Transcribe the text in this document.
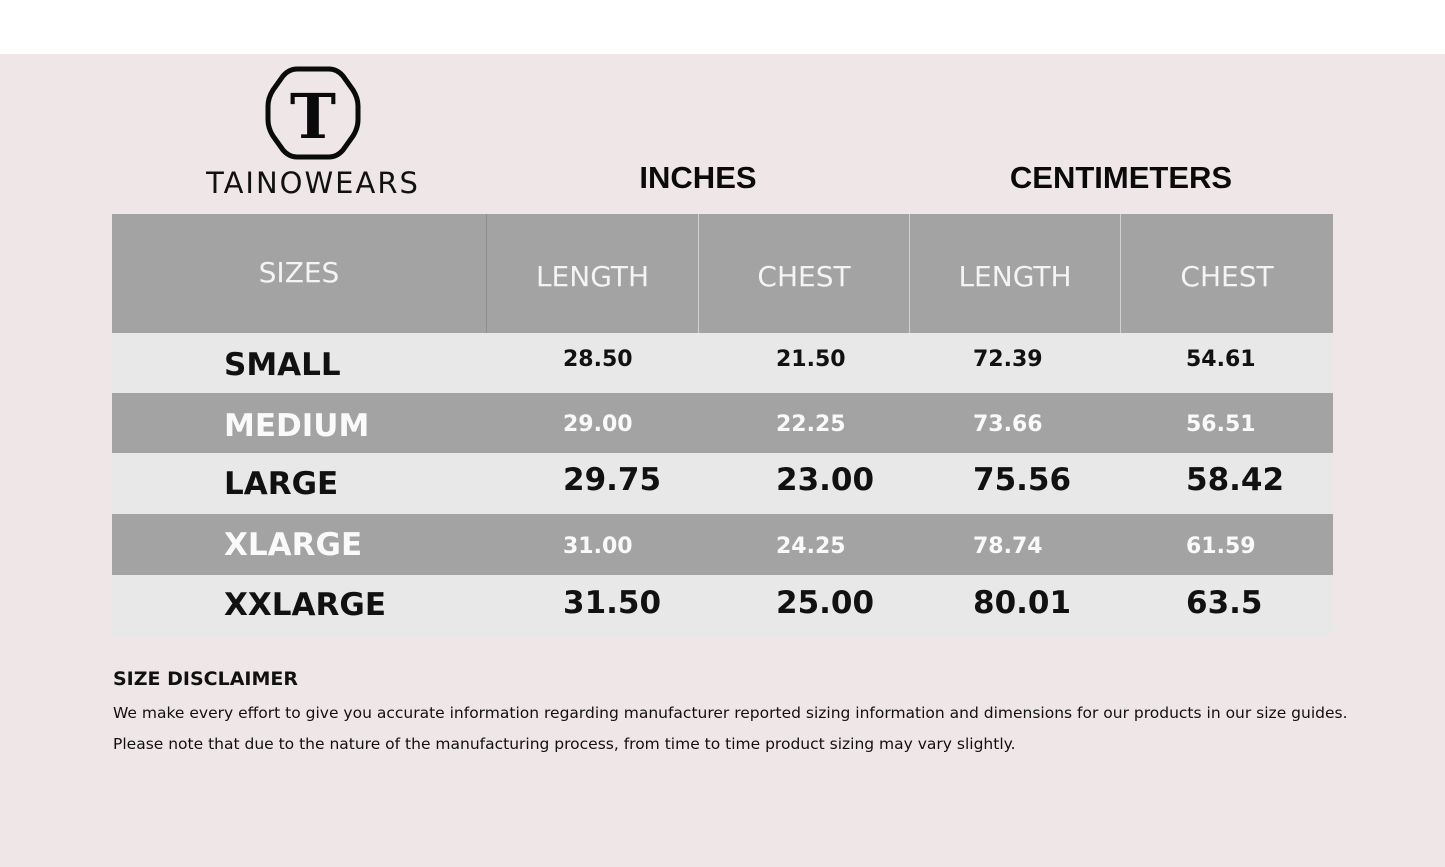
T
TAINOWEARS	INCHES	CENTIMETERS
SIZES	LENGTH	CHEST	LENGTH	CHEST
SMALL	28.50	21.50	72.39	54.61
MEDIUM	29.00	22.25	73.66	56.51
LARGE	29.75	23.00	75.56	58.42
XLARGE	31.00	24.25	78.74	61.59
XXLARGE	31.50	25.00	80.01	63.5
SIZE DISCLAIMER
We make every effort to give you accurate information regarding manufacturer reported sizing information and dimensions for our products in our size guides.
Please note that due to the nature of the manufacturing process, from time to time product sizing may vary slightly.
